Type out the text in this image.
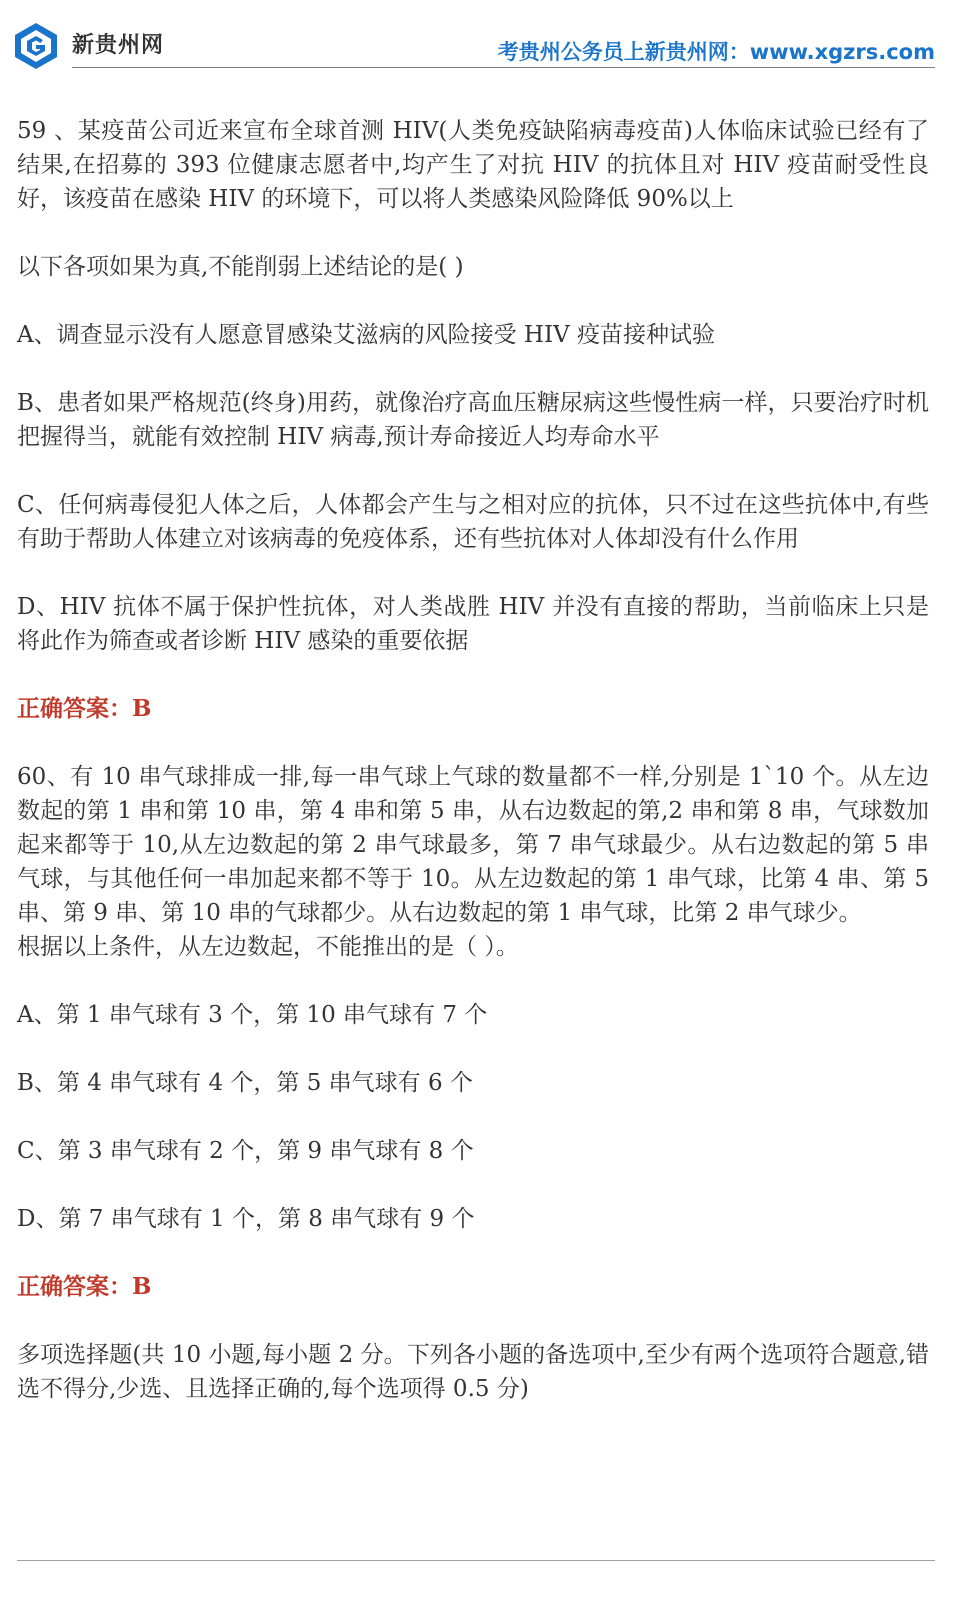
新贵州网	考贵州公务员上新贵州网：www.xgzrs.com

59 、某疫苗公司近来宣布全球首测 HIV(人类免疫缺陷病毒疫苗)人体临床试验已经有了结果,在招募的 393 位健康志愿者中,均产生了对抗 HIV 的抗体且对 HIV 疫苗耐受性良好，该疫苗在感染 HIV 的环境下，可以将人类感染风险降低 90%以上

以下各项如果为真,不能削弱上述结论的是( )

A、调查显示没有人愿意冒感染艾滋病的风险接受 HIV 疫苗接种试验

B、患者如果严格规范(终身)用药，就像治疗高血压糖尿病这些慢性病一样，只要治疗时机把握得当，就能有效控制 HIV 病毒,预计寿命接近人均寿命水平

C、任何病毒侵犯人体之后，人体都会产生与之相对应的抗体，只不过在这些抗体中,有些有助于帮助人体建立对该病毒的免疫体系，还有些抗体对人体却没有什么作用

D、HIV 抗体不属于保护性抗体，对人类战胜 HIV 并没有直接的帮助，当前临床上只是将此作为筛查或者诊断 HIV 感染的重要依据

正确答案：B

60、有 10 串气球排成一排,每一串气球上气球的数量都不一样,分别是 1`10 个。从左边数起的第 1 串和第 10 串，第 4 串和第 5 串，从右边数起的第,2 串和第 8 串，气球数加起来都等于 10,从左边数起的第 2 串气球最多，第 7 串气球最少。从右边数起的第 5 串气球，与其他任何一串加起来都不等于 10。从左边数起的第 1 串气球，比第 4 串、第 5 串、第 9 串、第 10 串的气球都少。从右边数起的第 1 串气球，比第 2 串气球少。

根据以上条件，从左边数起，不能推出的是（ ）。

A、第 1 串气球有 3 个，第 10 串气球有 7 个

B、第 4 串气球有 4 个，第 5 串气球有 6 个

C、第 3 串气球有 2 个，第 9 串气球有 8 个

D、第 7 串气球有 1 个，第 8 串气球有 9 个

正确答案：B

多项选择题(共 10 小题,每小题 2 分。下列各小题的备选项中,至少有两个选项符合题意,错选不得分,少选、且选择正确的,每个选项得 0.5 分)
